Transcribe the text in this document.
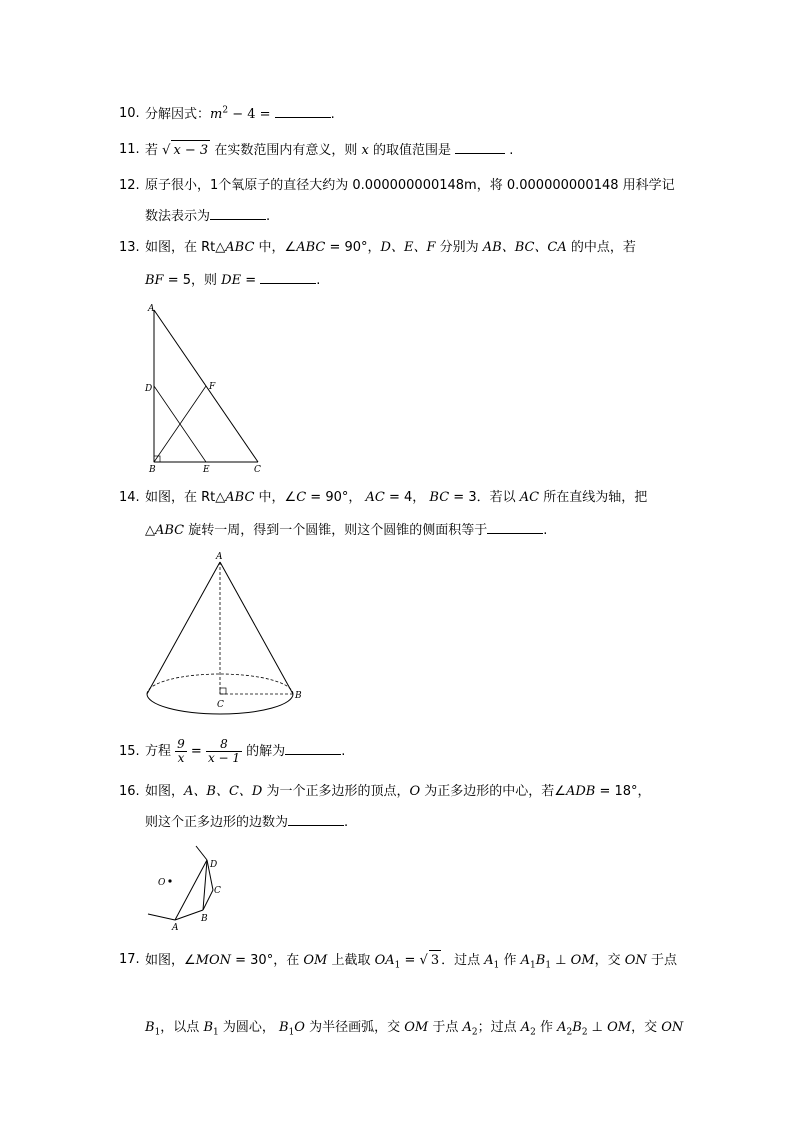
10. 分解因式：$m^2 - 4$ =	.
11. 若 √ x − 3 在实数范围内有意义，则 x 的取值范围是	.
12. 原子很小，1个氧原子的直径大约为 0.000000000148m，将 0.000000000148 用科学记
数法表示为	.
13. 如图，在 Rt△ABC 中，∠ABC = 90°，D、E、F 分别为 AB、BC、CA 的中点，若
BF = 5，则 DE =	.
A
D	F
B	E	C
14. 如图，在 Rt△ABC 中，∠C = 90°， AC = 4， BC = 3．若以 AC 所在直线为轴，把
△ABC 旋转一周，得到一个圆锥，则这个圆锥的侧面积等于	.
A
B
C
15. 方程 $\frac{9}{x} = \frac{8}{x - 1}$ 的解为	.
16. 如图，A、B、C、D 为一个正多边形的顶点，O 为正多边形的中心，若∠ADB = 18°，
则这个正多边形的边数为	.
O
D
C
B
A
17. 如图，∠MON = 30°，在 OM 上截取 $OA_1$ = √ 3 ．过点 $A_1$ 作 $A_1B_1$ ⊥ OM，交 ON 于点
$B_1$，以点 $B_1$ 为圆心， $B_1O$ 为半径画弧，交 OM 于点 $A_2$；过点 $A_2$ 作 $A_2B_2$ ⊥ OM，交 ON
